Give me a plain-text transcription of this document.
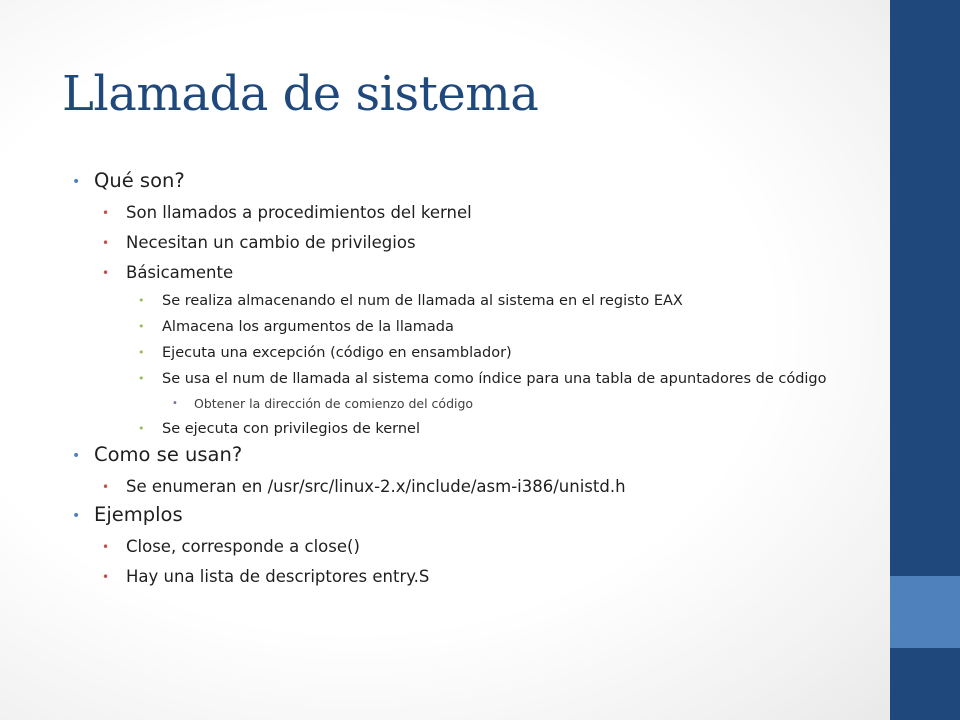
Llamada de sistema
• Qué son?
• Son llamados a procedimientos del kernel
• Necesitan un cambio de privilegios
• Básicamente
• Se realiza almacenando el num de llamada al sistema en el registo EAX
• Almacena los argumentos de la llamada
• Ejecuta una excepción (código en ensamblador)
• Se usa el num de llamada al sistema como índice para una tabla de apuntadores de código
• Obtener la dirección de comienzo del código
• Se ejecuta con privilegios de kernel
• Como se usan?
• Se enumeran en /usr/src/linux-2.x/include/asm-i386/unistd.h
• Ejemplos
• Close, corresponde a close()
• Hay una lista de descriptores entry.S
